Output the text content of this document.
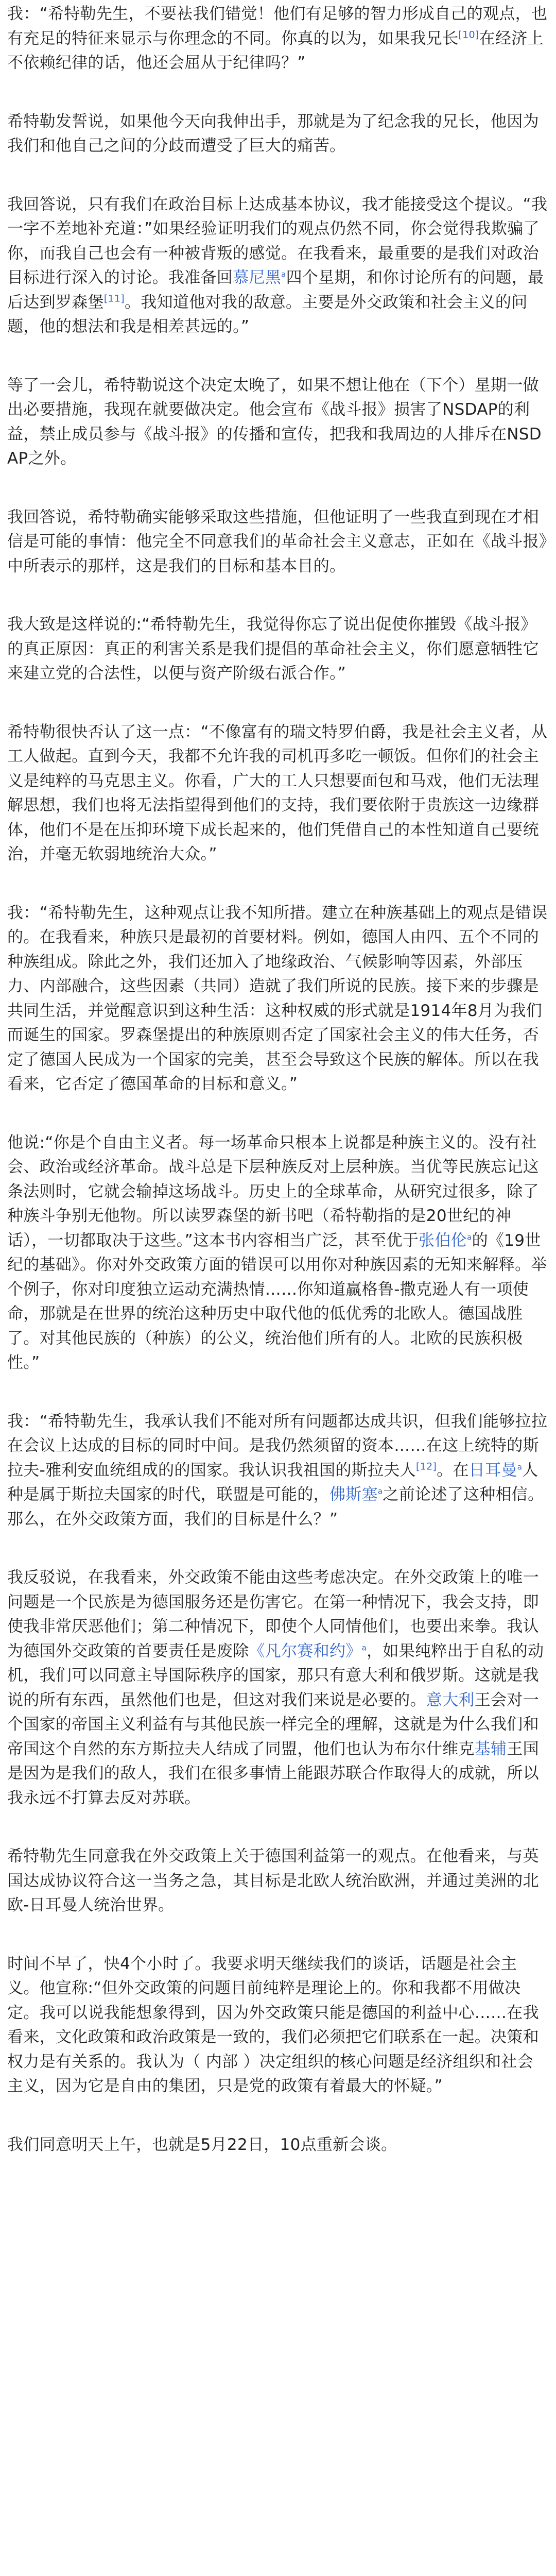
我：“希特勒先生，不要袪我们错觉！他们有足够的智力形成自己的观点，也有充足的特征来显示与你理念的不同。你真的以为，如果我兄长[10]在经济上不依赖纪律的话，他还会屈从于纪律吗？”

希特勒发誓说，如果他今天向我伸出手，那就是为了纪念我的兄长，他因为我们和他自己之间的分歧而遭受了巨大的痛苦。

我回答说，只有我们在政治目标上达成基本协议，我才能接受这个提议。“我一字不差地补充道：”如果经验证明我们的观点仍然不同，你会觉得我欺骗了你，而我自己也会有一种被背叛的感觉。在我看来，最重要的是我们对政治目标进行深入的讨论。我准备回慕尼黑$^a$四个星期，和你讨论所有的问题，最后达到罗森堡[11]。我知道他对我的敌意。主要是外交政策和社会主义的问题，他的想法和我是相差甚远的。”

等了一会儿，希特勒说这个决定太晚了，如果不想让他在（下个）星期一做出必要措施，我现在就要做决定。他会宣布《战斗报》损害了NSDAP的利益，禁止成员参与《战斗报》的传播和宣传，把我和我周边的人排斥在NSDAP之外。

我回答说，希特勒确实能够采取这些措施，但他证明了一些我直到现在才相信是可能的事情：他完全不同意我们的革命社会主义意志，正如在《战斗报》中所表示的那样，这是我们的目标和基本目的。

我大致是这样说的:“希特勒先生，我觉得你忘了说出促使你摧毁《战斗报》的真正原因：真正的利害关系是我们提倡的革命社会主义，你们愿意牺牲它来建立党的合法性，以便与资产阶级右派合作。”

希特勒很快否认了这一点：“不像富有的瑞文特罗伯爵，我是社会主义者，从工人做起。直到今天，我都不允许我的司机再多吃一顿饭。但你们的社会主义是纯粹的马克思主义。你看，广大的工人只想要面包和马戏，他们无法理解思想，我们也将无法指望得到他们的支持，我们要依附于贵族这一边缘群体，他们不是在压抑环境下成长起来的，他们凭借自己的本性知道自己要统治，并毫无软弱地统治大众。”

我：“希特勒先生，这种观点让我不知所措。建立在种族基础上的观点是错误的。在我看来，种族只是最初的首要材料。例如，德国人由四、五个不同的种族组成。除此之外，我们还加入了地缘政治、气候影响等因素，外部压力、内部融合，这些因素（共同）造就了我们所说的民族。接下来的步骤是共同生活，并觉醒意识到这种生活：这种权威的形式就是1914年8月为我们而诞生的国家。罗森堡提出的种族原则否定了国家社会主义的伟大任务，否定了德国人民成为一个国家的完美，甚至会导致这个民族的解体。所以在我看来，它否定了德国革命的目标和意义。”

他说:“你是个自由主义者。每一场革命只根本上说都是种族主义的。没有社会、政治或经济革命。战斗总是下层种族反对上层种族。当优等民族忘记这条法则时，它就会输掉这场战斗。历史上的全球革命，从研究过很多，除了种族斗争别无他物。所以读罗森堡的新书吧（希特勒指的是20世纪的神话），一切都取决于这些。”这本书内容相当广泛，甚至优于张伯伦$^a$的《19世纪的基础》。你对外交政策方面的错误可以用你对种族因素的无知来解释。举个例子，你对印度独立运动充满热情……你知道赢格鲁-撒克逊人有一项使命，那就是在世界的统治这种历史中取代他的低优秀的北欧人。德国战胜了。对其他民族的（种族）的公义，统治他们所有的人。北欧的民族积极性。”

我：“希特勒先生，我承认我们不能对所有问题都达成共识，但我们能够拉拉在会议上达成的目标的同时中间。是我仍然须留的资本……在这上统特的斯拉夫-雅利安血统组成的的国家。我认识我祖国的斯拉夫人[12]。在日耳曼$^a$人种是属于斯拉夫国家的时代，联盟是可能的，佛斯塞$^a$之前论述了这种相信。那么，在外交政策方面，我们的目标是什么？”

我反驳说，在我看来，外交政策不能由这些考虑决定。在外交政策上的唯一问题是一个民族是为德国服务还是伤害它。在第一种情况下，我会支持，即使我非常厌恶他们；第二种情况下，即使个人同情他们，也要出来拳。我认为德国外交政策的首要责任是废除《凡尔赛和约》$^a$，如果纯粹出于自私的动机，我们可以同意主导国际秩序的国家，那只有意大利和俄罗斯。这就是我说的所有东西，虽然他们也是，但这对我们来说是必要的。意大利王会对一个国家的帝国主义利益有与其他民族一样完全的理解，这就是为什么我们和帝国这个自然的东方斯拉夫人结成了同盟，他们也认为布尔什维克基辅王国是因为是我们的敌人，我们在很多事情上能跟苏联合作取得大的成就，所以我永远不打算去反对苏联。

希特勒先生同意我在外交政策上关于德国利益第一的观点。在他看来，与英国达成协议符合这一当务之急，其目标是北欧人统治欧洲，并通过美洲的北欧-日耳曼人统治世界。

时间不早了，快4个小时了。我要求明天继续我们的谈话，话题是社会主义。他宣称:“但外交政策的问题目前纯粹是理论上的。你和我都不用做决定。我可以说我能想象得到，因为外交政策只能是德国的利益中心……在我看来，文化政策和政治政策是一致的，我们必须把它们联系在一起。决策和权力是有关系的。我认为（ 内部 ）决定组织的核心问题是经济组织和社会主义，因为它是自由的集团，只是党的政策有着最大的怀疑。”

我们同意明天上午，也就是5月22日，10点重新会谈。
